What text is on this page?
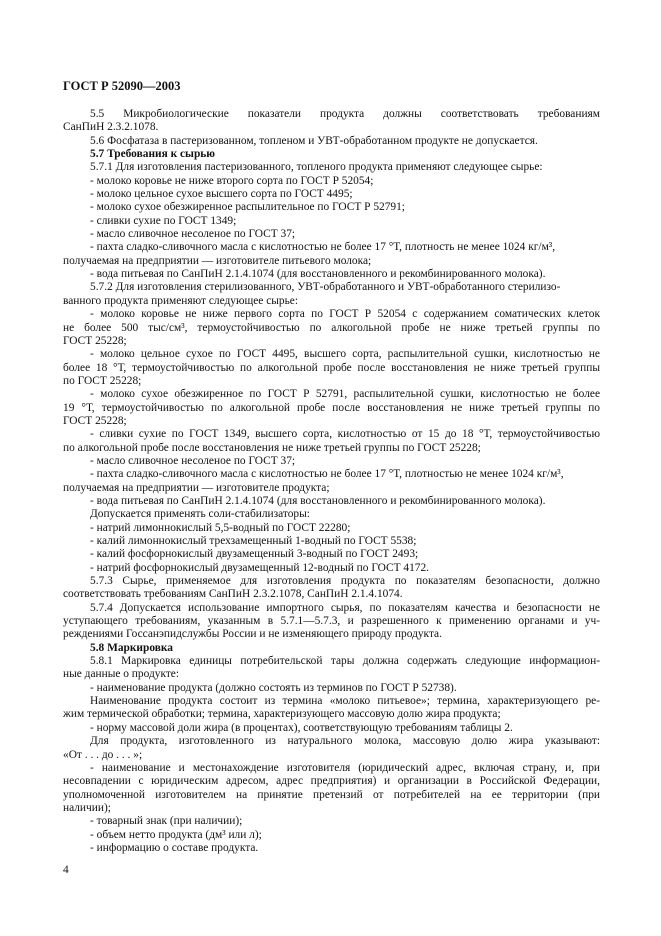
ГОСТ Р 52090—2003
5.5 Микробиологические показатели продукта должны соответствовать требованиям
СанПиН 2.3.2.1078.
5.6 Фосфатаза в пастеризованном, топленом и УВТ-обработанном продукте не допускается.
5.7 Требования к сырью
5.7.1 Для изготовления пастеризованного, топленого продукта применяют следующее сырье:
- молоко коровье не ниже второго сорта по ГОСТ Р 52054;
- молоко цельное сухое высшего сорта по ГОСТ 4495;
- молоко сухое обезжиренное распылительное по ГОСТ Р 52791;
- сливки сухие по ГОСТ 1349;
- масло сливочное несоленое по ГОСТ 37;
- пахта сладко-сливочного масла с кислотностью не более 17 °Т, плотность не менее 1024 кг/м³,
получаемая на предприятии — изготовителе питьевого молока;
- вода питьевая по СанПиН 2.1.4.1074 (для восстановленного и рекомбинированного молока).
5.7.2 Для изготовления стерилизованного, УВТ-обработанного и УВТ-обработанного стерилизо-
ванного продукта применяют следующее сырье:
- молоко коровье не ниже первого сорта по ГОСТ Р 52054 с содержанием соматических клеток
не более 500 тыс/см³, термоустойчивостью по алкогольной пробе не ниже третьей группы по
ГОСТ 25228;
- молоко цельное сухое по ГОСТ 4495, высшего сорта, распылительной сушки, кислотностью не
более 18 °Т, термоустойчивостью по алкогольной пробе после восстановления не ниже третьей группы
по ГОСТ 25228;
- молоко сухое обезжиренное по ГОСТ Р 52791, распылительной сушки, кислотностью не более
19 °Т, термоустойчивостью по алкогольной пробе после восстановления не ниже третьей группы по
ГОСТ 25228;
- сливки сухие по ГОСТ 1349, высшего сорта, кислотностью от 15 до 18 °Т, термоустойчивостью
по алкогольной пробе после восстановления не ниже третьей группы по ГОСТ 25228;
- масло сливочное несоленое по ГОСТ 37;
- пахта сладко-сливочного масла с кислотностью не более 17 °Т, плотностью не менее 1024 кг/м³,
получаемая на предприятии — изготовителе продукта;
- вода питьевая по СанПиН 2.1.4.1074 (для восстановленного и рекомбинированного молока).
Допускается применять соли-стабилизаторы:
- натрий лимоннокислый 5,5-водный по ГОСТ 22280;
- калий лимоннокислый трехзамещенный 1-водный по ГОСТ 5538;
- калий фосфорнокислый двузамещенный 3-водный по ГОСТ 2493;
- натрий фосфорнокислый двузамещенный 12-водный по ГОСТ 4172.
5.7.3 Сырье, применяемое для изготовления продукта по показателям безопасности, должно
соответствовать требованиям СанПиН 2.3.2.1078, СанПиН 2.1.4.1074.
5.7.4 Допускается использование импортного сырья, по показателям качества и безопасности не
уступающего требованиям, указанным в 5.7.1—5.7.3, и разрешенного к применению органами и уч-
реждениями Госсанэпидслужбы России и не изменяющего природу продукта.
5.8 Маркировка
5.8.1 Маркировка единицы потребительской тары должна содержать следующие информацион-
ные данные о продукте:
- наименование продукта (должно состоять из терминов по ГОСТ Р 52738).
Наименование продукта состоит из термина «молоко питьевое»; термина, характеризующего ре-
жим термической обработки; термина, характеризующего массовую долю жира продукта;
- норму массовой доли жира (в процентах), соответствующую требованиям таблицы 2.
Для продукта, изготовленного из натурального молока, массовую долю жира указывают:
«От . . . до . . . »;
- наименование и местонахождение изготовителя (юридический адрес, включая страну, и, при
несовпадении с юридическим адресом, адрес предприятия) и организации в Российской Федерации,
уполномоченной изготовителем на принятие претензий от потребителей на ее территории (при
наличии);
- товарный знак (при наличии);
- объем нетто продукта (дм³ или л);
- информацию о составе продукта.
4
